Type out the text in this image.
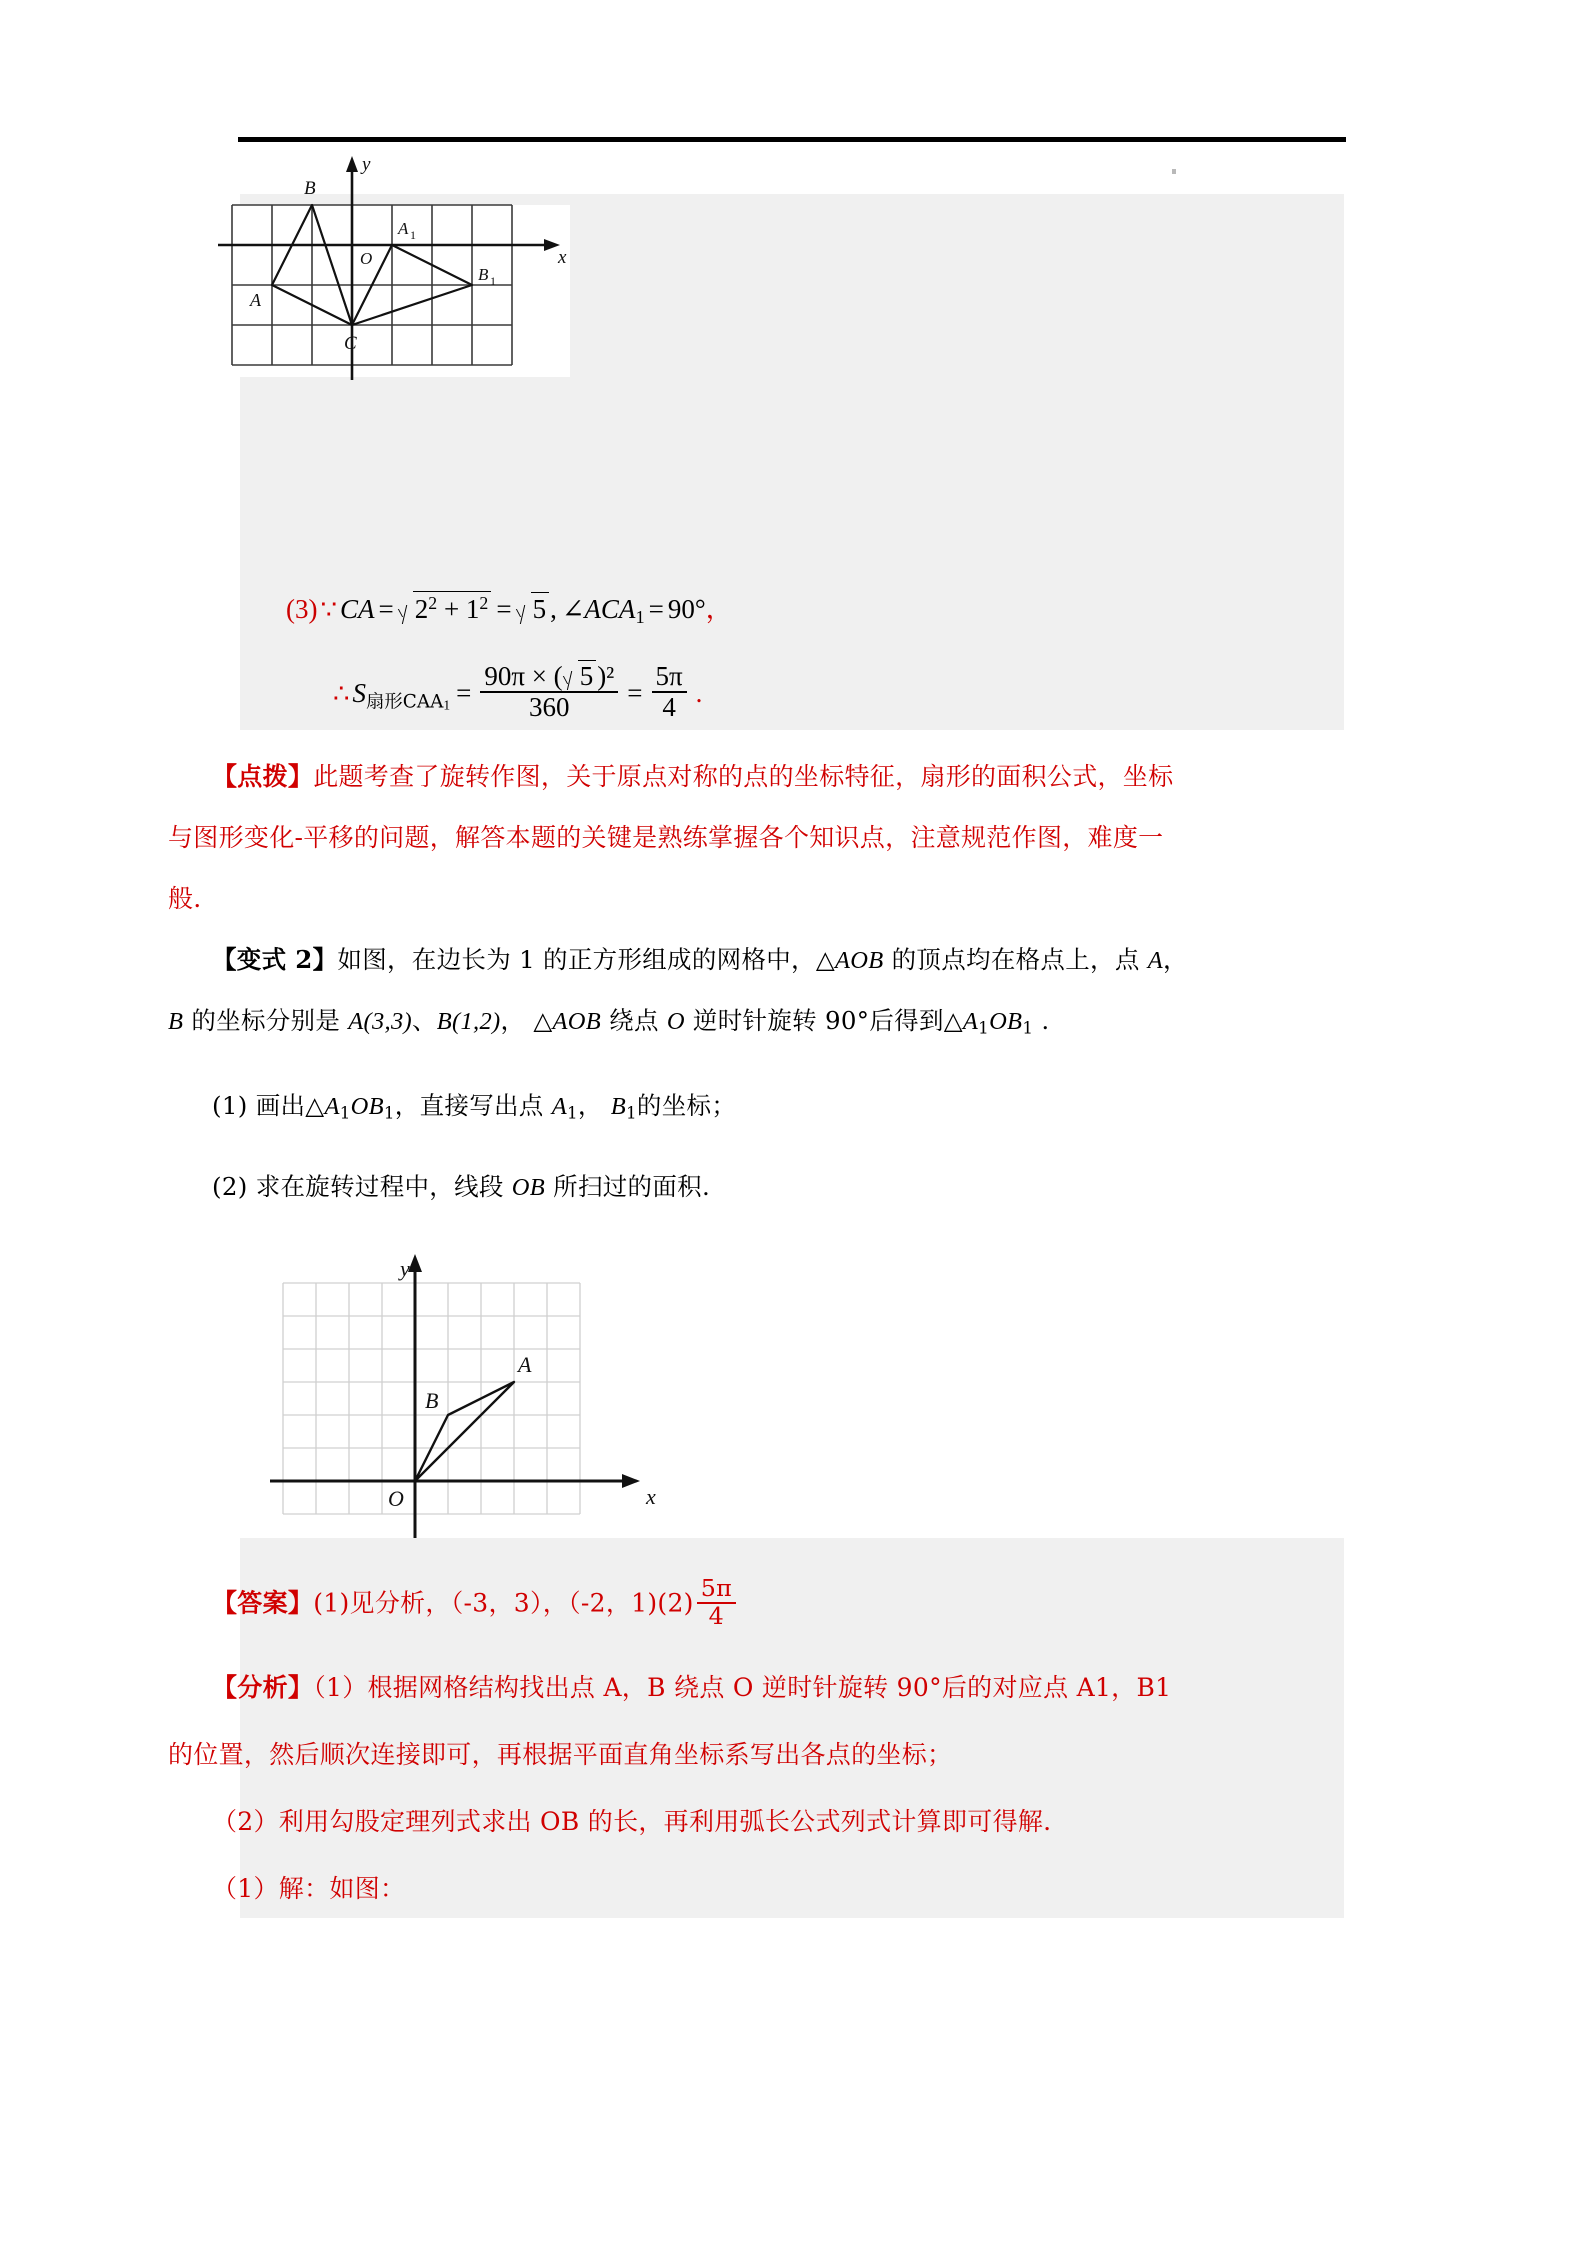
x
y
B
A
C
O
A 1
B 1
(3) ∵ CA = $2^2 + 1^2 = 5$ , $\angle ACA_1 = 90^\circ$，
∴ $S_{扇形CAA1} = \frac{\text{90π × ( 5 )²}}{360} = \frac{5\pi}{4}$ .
【点拨】此题考查了旋转作图，关于原点对称的点的坐标特征，扇形的面积公式，坐标
与图形变化-平移的问题，解答本题的关键是熟练掌握各个知识点，注意规范作图，难度一
般.
【变式 2】如图，在边长为 1 的正方形组成的网格中，△AOB 的顶点均在格点上，点 A，
B 的坐标分别是 A(3,3)、B(1,2)， △AOB 绕点 O 逆时针旋转 90°后得到$\triangle A_1OB_1$ .
(1) 画出$\triangle A_1OB_1$，直接写出点 $A_1$， $B_1$的坐标；
(2) 求在旋转过程中，线段 OB 所扫过的面积.
y
x
O
A
B
【答案】(1)见分析，（-3，3），（-2，$1)(2) \frac{5\pi}{4}$
【分析】（1）根据网格结构找出点 A，B 绕点 O 逆时针旋转 90°后的对应点 A1，B1
的位置，然后顺次连接即可，再根据平面直角坐标系写出各点的坐标；
（2）利用勾股定理列式求出 OB 的长，再利用弧长公式列式计算即可得解.
（1）解：如图：
